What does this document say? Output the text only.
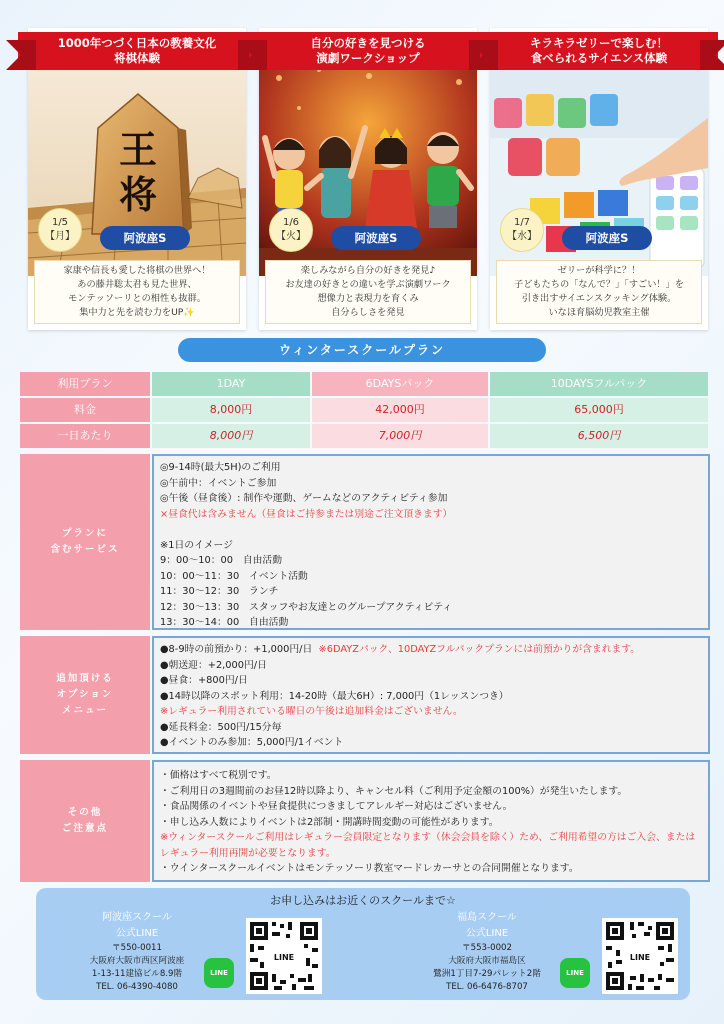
1000年つづく日本の教養文化
将棋体験
王
将
1/5
【月】	阿波座S
家康や信長も愛した将棋の世界へ！
あの藤井聡太君も見た世界、
モンテッソーリとの相性も抜群。
集中力と先を読む力をUP✨
自分の好きを見つける
演劇ワークショップ
1/6
【火】	阿波座S
楽しみながら自分の好きを発見♪
お友達の好きとの違いを学ぶ演劇ワーク
想像力と表現力を育くみ
自分らしさを発見
キラキラゼリーで楽しむ！
食べられるサイエンス体験
1/7
【水】	阿波座S
ゼリーが科学に？！
子どもたちの「なんで？」「すごい！」を
引き出すサイエンスクッキング体験。
いなほ育脳幼児教室主催
ウィンタースクールプラン
利用プラン	1DAY	6DAYSパック	10DAYSフルパック
料金	8,000円	42,000円	65,000円
一日あたり	8,000円	7,000円	6,500円
プランに
含むサービス
◎9-14時(最大5H)のご利用
◎午前中：イベントご参加
◎午後（昼食後）: 制作や運動、ゲームなどのアクティビティ参加
×昼食代は含みません（昼食はご持参または別途ご注文頂きます）

※1日のイメージ
9：00〜10：00　自由活動
10：00〜11：30　イベント活動
11：30〜12：30　ランチ
12：30〜13：30　スタッフやお友達とのグループアクティビティ
13：30〜14：00　自由活動
追加頂ける
オプション
メニュー
●8-9時の前預かり：+1,000円/日 ※6DAYZパック、10DAYZフルパックプランには前預かりが含まれます。
●朝送迎：+2,000円/日
●昼食：+800円/日
●14時以降のスポット利用：14-20時（最大6H）: 7,000円（1レッスンつき）
※レギュラー利用されている曜日の午後は追加料金はございません。
●延長料金：500円/15分毎
●イベントのみ参加：5,000円/1イベント
その他
ご注意点
・価格はすべて税別です。
・ご利用日の3週間前のお昼12時以降より、キャンセル料（ご利用予定金額の100%）が発生いたします。
・食品関係のイベントや昼食提供につきましてアレルギー対応はございません。
・申し込み人数によりイベントは2部制・開講時間変動の可能性があります。
※ウィンタースクールご利用はレギュラー会員限定となります（休会会員を除く）ため、ご利用希望の方はご入会、またはレギュラー利用再開が必要となります。
・ウインタースクールイベントはモンテッソーリ教室マードレカーサとの合同開催となります。
お申し込みはお近くのスクールまで☆
阿波座スクール
公式LINE
〒550-0011
大阪府大阪市西区阿波座
1-13-11建協ビル8.9階
TEL. 06-4390-4080
LINE
LINE
福島スクール
公式LINE
〒553-0002
大阪府大阪市福島区
鷺洲1丁目7-29パレット2階
TEL. 06-6476-8707
LINE
LINE
